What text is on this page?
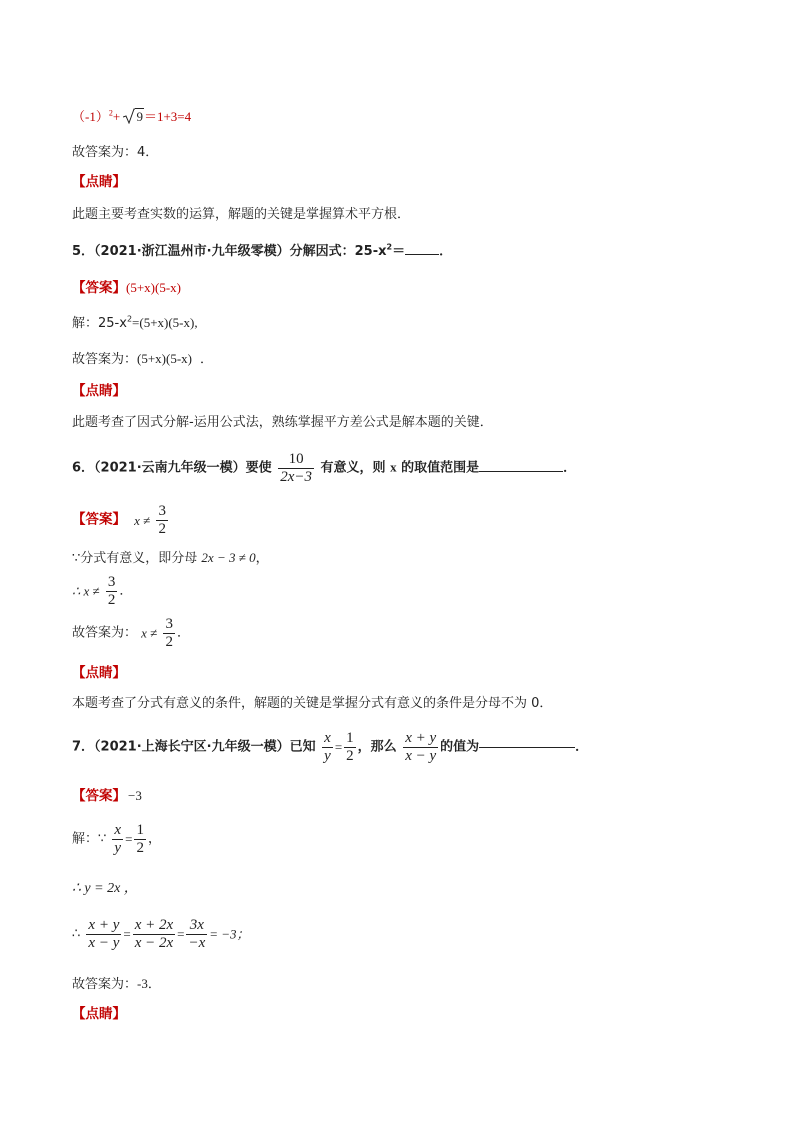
$(-1)^2+ 9=1+3=4$
故答案为：4．
【点睛】
此题主要考查实数的运算，解题的关键是掌握算术平方根．
5．（2021·浙江温州市·九年级零模）分解因式：$25-x^2=$	．
【答案】(5+x)(5-x)
解：$25-x^2=(5+x)(5-x)$,
故答案为：(5+x)(5-x) ．
【点睛】
此题考查了因式分解-运用公式法，熟练掌握平方差公式是解本题的关键．
6．（2021·云南九年级一模）要使 $\frac{10}{2x-3}$ 有意义，则 x 的取值范围是	．
【答案】 $x \ne \frac{3}{2}$
∵分式有意义，即分母 2x − 3 ≠ 0，
∴ $x \ne \frac{3}{2}$ ．
故答案为： $x \ne \frac{3}{2}$ ．
【点睛】
本题考查了分式有意义的条件，解题的关键是掌握分式有意义的条件是分母不为 0．
7．（2021·上海长宁区·九年级一模）已知 $\frac{x}{y} = \frac{1}{2}$ ，那么 $\frac{x + y}{x - y}$ 的值为	．
【答案】 −3
解：∵ $\frac{x}{y} = \frac{1}{2}$ ，
∴ y = 2x ，
∴ $\frac{x + y}{x - y} = \frac{x + 2x}{x - 2x} = \frac{3x}{-x} = -3$；
故答案为：-3．
【点睛】
